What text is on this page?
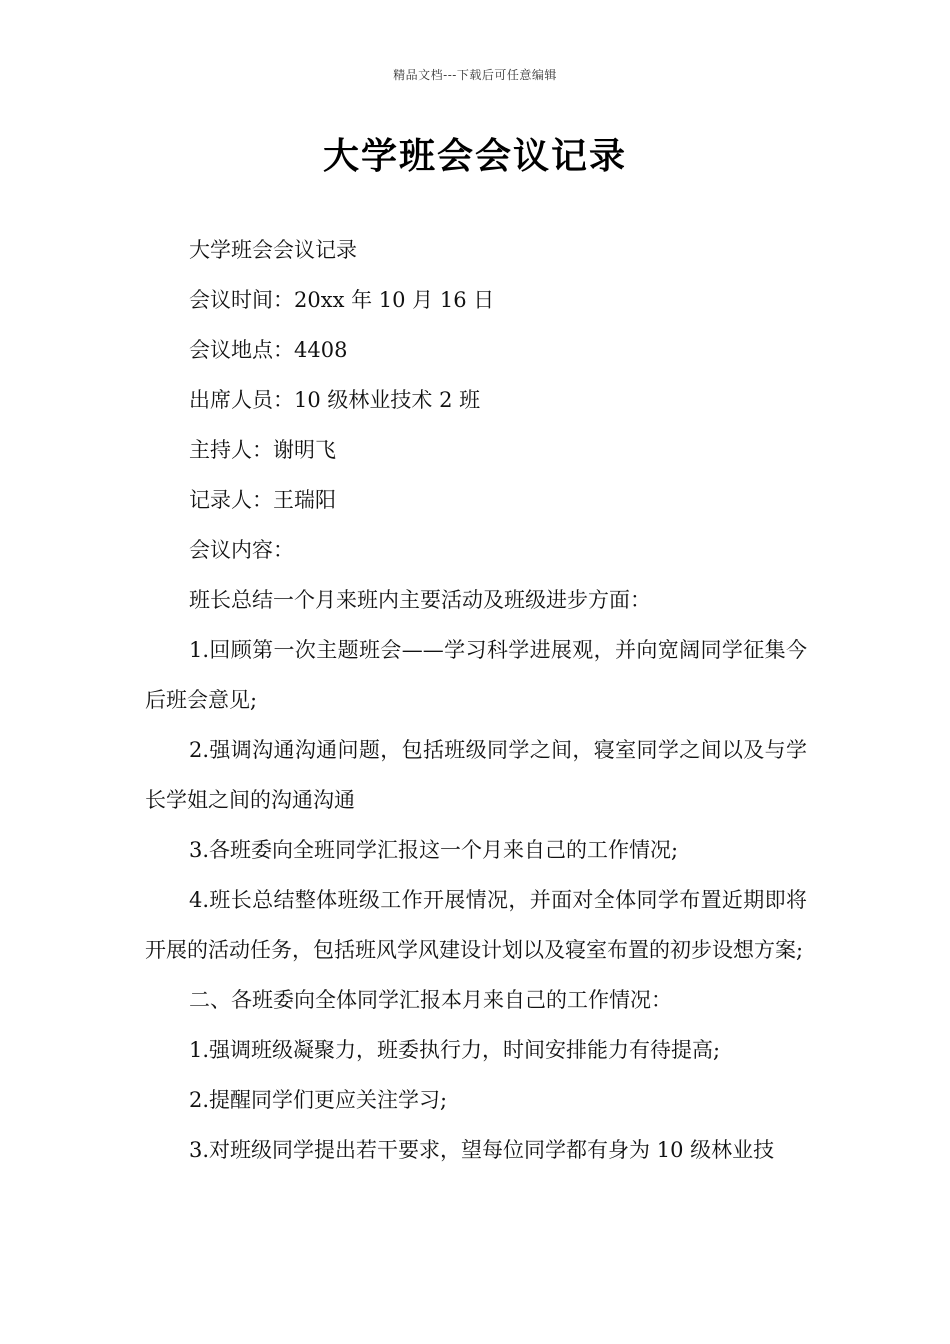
精品文档---下载后可任意编辑
大学班会会议记录

大学班会会议记录

会议时间：20xx 年 10 月 16 日

会议地点：4408

出席人员：10 级林业技术 2 班

主持人：谢明飞

记录人：王瑞阳

会议内容：

班长总结一个月来班内主要活动及班级进步方面：

1.回顾第一次主题班会——学习科学进展观，并向宽阔同学征集今后班会意见;

2.强调沟通沟通问题，包括班级同学之间，寝室同学之间以及与学长学姐之间的沟通沟通

3.各班委向全班同学汇报这一个月来自己的工作情况;

4.班长总结整体班级工作开展情况，并面对全体同学布置近期即将开展的活动任务，包括班风学风建设计划以及寝室布置的初步设想方案;

二、各班委向全体同学汇报本月来自己的工作情况：

1.强调班级凝聚力，班委执行力，时间安排能力有待提高;

2.提醒同学们更应关注学习;

3.对班级同学提出若干要求，望每位同学都有身为 10 级林业技
